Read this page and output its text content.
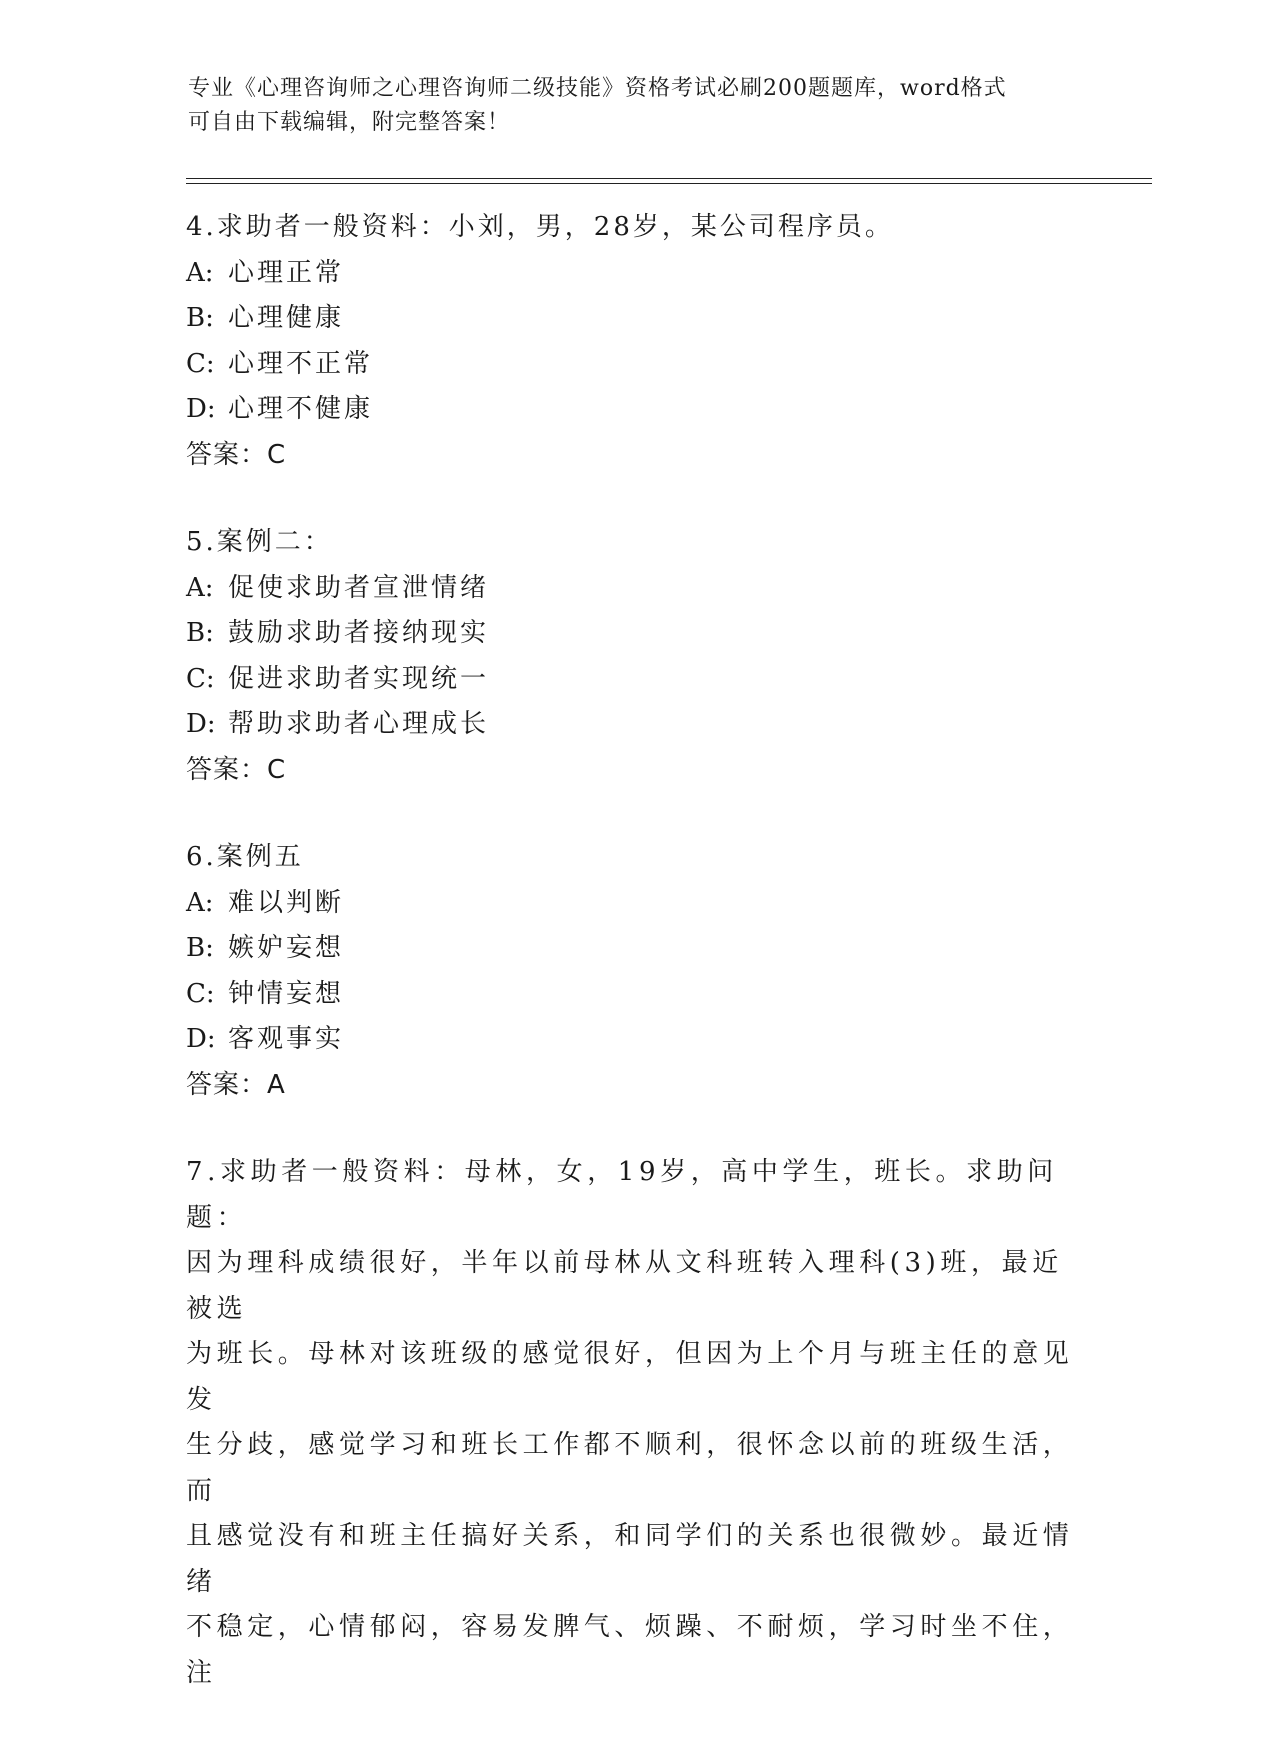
专业《心理咨询师之心理咨询师二级技能》资格考试必刷200题题库，word格式
可自由下载编辑，附完整答案！
4.求助者一般资料：小刘，男，28岁，某公司程序员。
A: 心理正常
B: 心理健康
C: 心理不正常
D: 心理不健康
答案：C
5.案例二：
A: 促使求助者宣泄情绪
B: 鼓励求助者接纳现实
C: 促进求助者实现统一
D: 帮助求助者心理成长
答案：C
6.案例五
A: 难以判断
B: 嫉妒妄想
C: 钟情妄想
D: 客观事实
答案：A
7.求助者一般资料：母林，女，19岁，高中学生，班长。求助问题：
因为理科成绩很好，半年以前母林从文科班转入理科(3)班，最近被选
为班长。母林对该班级的感觉很好，但因为上个月与班主任的意见发
生分歧，感觉学习和班长工作都不顺利，很怀念以前的班级生活，而
且感觉没有和班主任搞好关系，和同学们的关系也很微妙。最近情绪
不稳定，心情郁闷，容易发脾气、烦躁、不耐烦，学习时坐不住，注
